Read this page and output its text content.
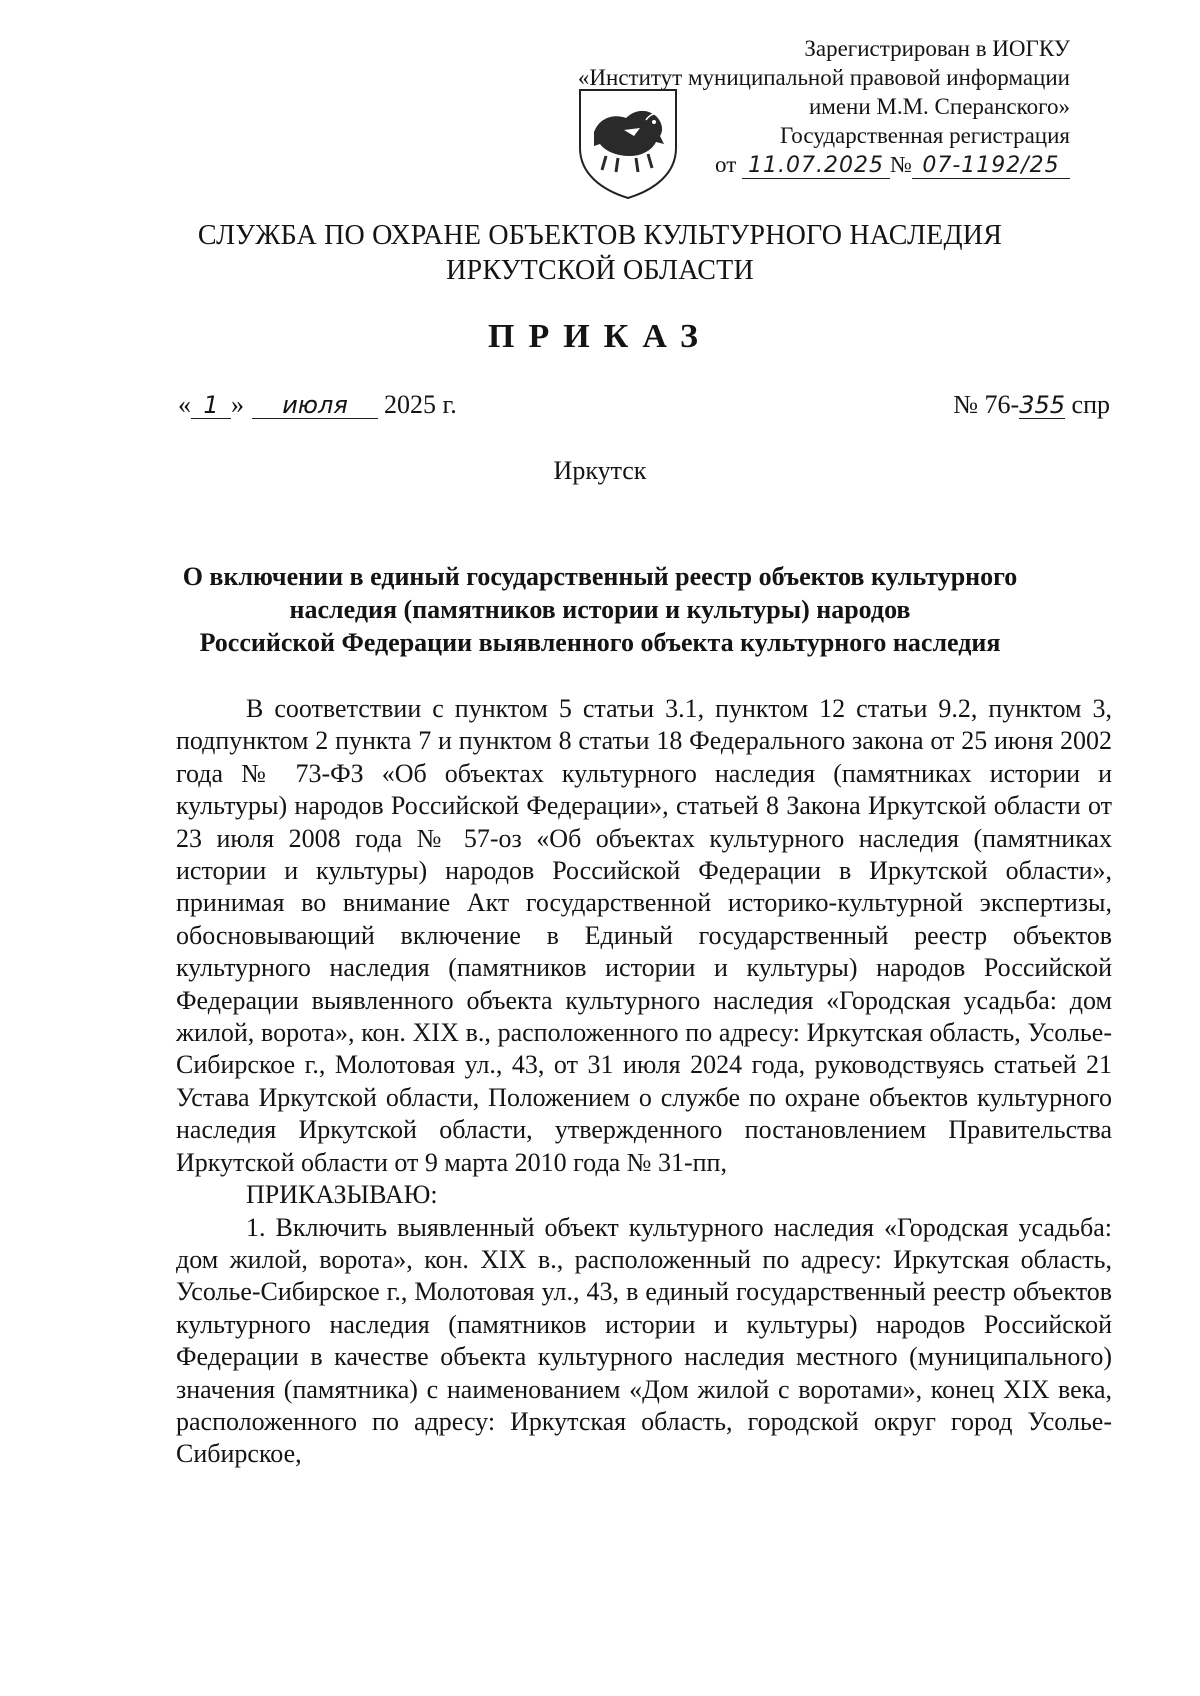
Зарегистрирован в ИОГКУ
«Институт муниципальной правовой информации
имени М.М. Сперанского»
Государственная регистрация
от 11.07.2025 № 07-1192/25
СЛУЖБА ПО ОХРАНЕ ОБЪЕКТОВ КУЛЬТУРНОГО НАСЛЕДИЯ
ИРКУТСКОЙ ОБЛАСТИ
ПРИКАЗ
« 1 » июля 2025 г.	№ 76-355 спр
Иркутск
О включении в единый государственный реестр объектов культурного
наследия (памятников истории и культуры) народов
Российской Федерации выявленного объекта культурного наследия

В соответствии с пунктом 5 статьи 3.1, пунктом 12 статьи 9.2, пунктом 3, подпунктом 2 пункта 7 и пунктом 8 статьи 18 Федерального закона от 25 июня 2002 года № 73-ФЗ «Об объектах культурного наследия (памятниках истории и культуры) народов Российской Федерации», статьей 8 Закона Иркутской области от 23 июля 2008 года № 57-оз «Об объектах культурного наследия (памятниках истории и культуры) народов Российской Федерации в Иркутской области», принимая во внимание Акт государственной историко-культурной экспертизы, обосновывающий включение в Единый государственный реестр объектов культурного наследия (памятников истории и культуры) народов Российской Федерации выявленного объекта культурного наследия «Городская усадьба: дом жилой, ворота», кон. XIX в., расположенного по адресу: Иркутская область, Усолье-Сибирское г., Молотовая ул., 43, от 31 июля 2024 года, руководствуясь статьей 21 Устава Иркутской области, Положением о службе по охране объектов культурного наследия Иркутской области, утвержденного постановлением Правительства Иркутской области от 9 марта 2010 года № 31-пп,

ПРИКАЗЫВАЮ:

1. Включить выявленный объект культурного наследия «Городская усадьба: дом жилой, ворота», кон. XIX в., расположенный по адресу: Иркутская область, Усолье-Сибирское г., Молотовая ул., 43, в единый государственный реестр объектов культурного наследия (памятников истории и культуры) народов Российской Федерации в качестве объекта культурного наследия местного (муниципального) значения (памятника) с наименованием «Дом жилой с воротами», конец XIX века, расположенного по адресу: Иркутская область, городской округ город Усолье-Сибирское,
